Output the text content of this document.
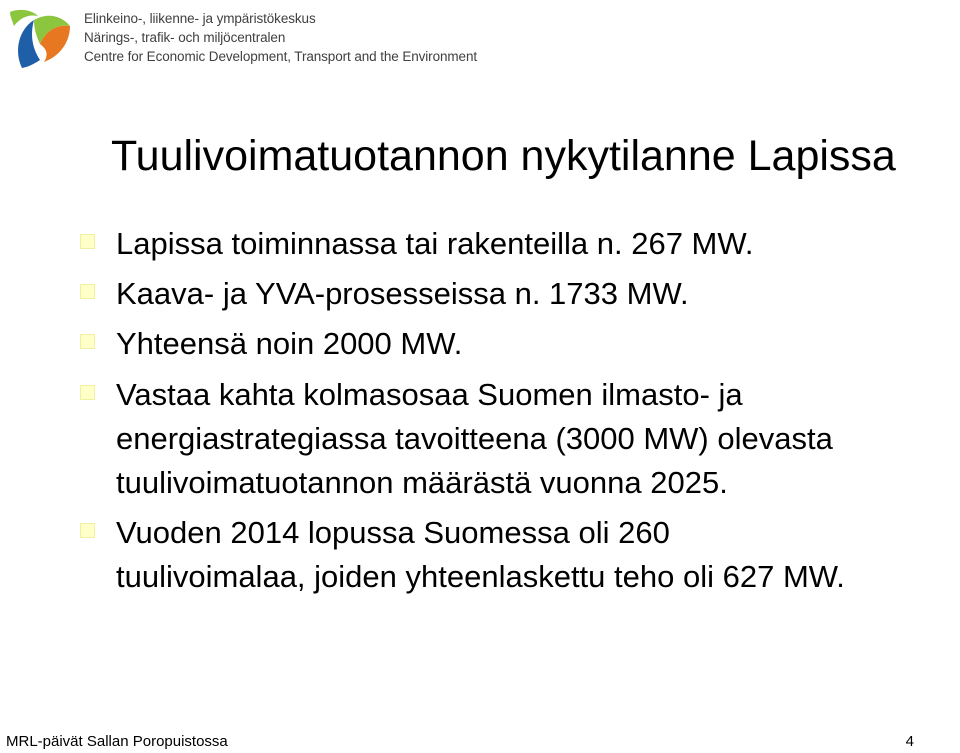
Elinkeino-, liikenne- ja ympäristökeskus
Närings-, trafik- och miljöcentralen
Centre for Economic Development, Transport and the Environment
Tuulivoimatuotannon nykytilanne Lapissa
Lapissa toiminnassa tai rakenteilla n. 267 MW.
Kaava- ja YVA-prosesseissa n. 1733 MW.
Yhteensä noin 2000 MW.
Vastaa kahta kolmasosaa Suomen ilmasto- ja
energiastrategiassa tavoitteena (3000 MW) olevasta
tuulivoimatuotannon määrästä vuonna 2025.
Vuoden 2014 lopussa Suomessa oli 260
tuulivoimalaa, joiden yhteenlaskettu teho oli 627 MW.
MRL-päivät Sallan Poropuistossa	4
